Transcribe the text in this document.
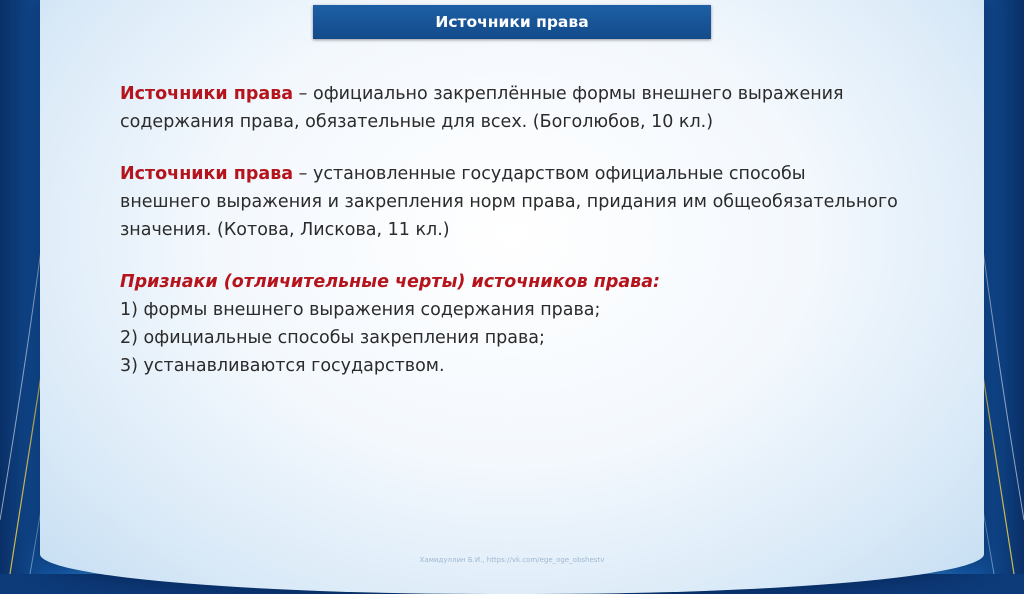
Источники права

Источники права – официально закреплённые формы внешнего выражения содержания права, обязательные для всех. (Боголюбов, 10 кл.)

Источники права – установленные государством официальные способы внешнего выражения и закрепления норм права, придания им общеобязательного значения. (Котова, Лискова, 11 кл.)

Признаки (отличительные черты) источников права:
1) формы внешнего выражения содержания права;
2) официальные способы закрепления права;
3) устанавливаются государством.
Хамидуллин Б.И., https://vk.com/ege_oge_obshestv
